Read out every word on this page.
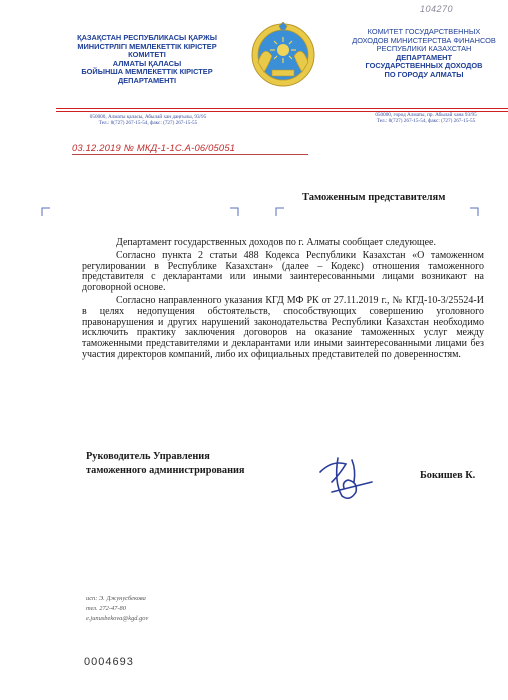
104270
ҚАЗАҚСТАН РЕСПУБЛИКАСЫ ҚАРЖЫ
МИНИСТРЛІГІ МЕМЛЕКЕТТІК КІРІСТЕР
КОМИТЕТІ
АЛМАТЫ ҚАЛАСЫ
БОЙЫНША МЕМЛЕКЕТТІК КІРІСТЕР
ДЕПАРТАМЕНТІ
КОМИТЕТ ГОСУДАРСТВЕННЫХ
ДОХОДОВ МИНИСТЕРСТВА ФИНАНСОВ
РЕСПУБЛИКИ КАЗАХСТАН
ДЕПАРТАМЕНТ
ГОСУДАРСТВЕННЫХ ДОХОДОВ
ПО ГОРОДУ АЛМАТЫ
050000, Алматы қаласы, Абылай хан даңғылы, 93/95
Тел.: 8(727) 267-15-54, факс: (727) 267-15-55
050000, город Алматы, пр. Абылай хана 93/95
Тел.: 8(727) 267-15-54, факс: (727) 267-15-55
03.12.2019 № МКД-1-1С.А-06/05051
Таможенным представителям

Департамент государственных доходов по г. Алматы сообщает следующее.

Согласно пункта 2 статьи 488 Кодекса Республики Казахстан «О таможенном регулировании в Республике Казахстан» (далее – Кодекс) отношения таможенного представителя с декларантами или иными заинтересованными лицами возникают на договорной основе.

Согласно направленного указания КГД МФ РК от 27.11.2019 г., № КГД-10-3/25524-И в целях недопущения обстоятельств, способствующих совершению уголовного правонарушения и других нарушений законодательства Республики Казахстан необходимо исключить практику заключения договоров на оказание таможенных услуг между таможенными представителями и декларантами или иными заинтересованными лицами без участия директоров компаний, либо их официальных представителей по доверенностям.

Руководитель Управления
таможенного администрирования	Бокишев К.
исп: Э. Джунусбекова
тел. 272-47-80
e.junusbekova@kgd.gov
0004693
